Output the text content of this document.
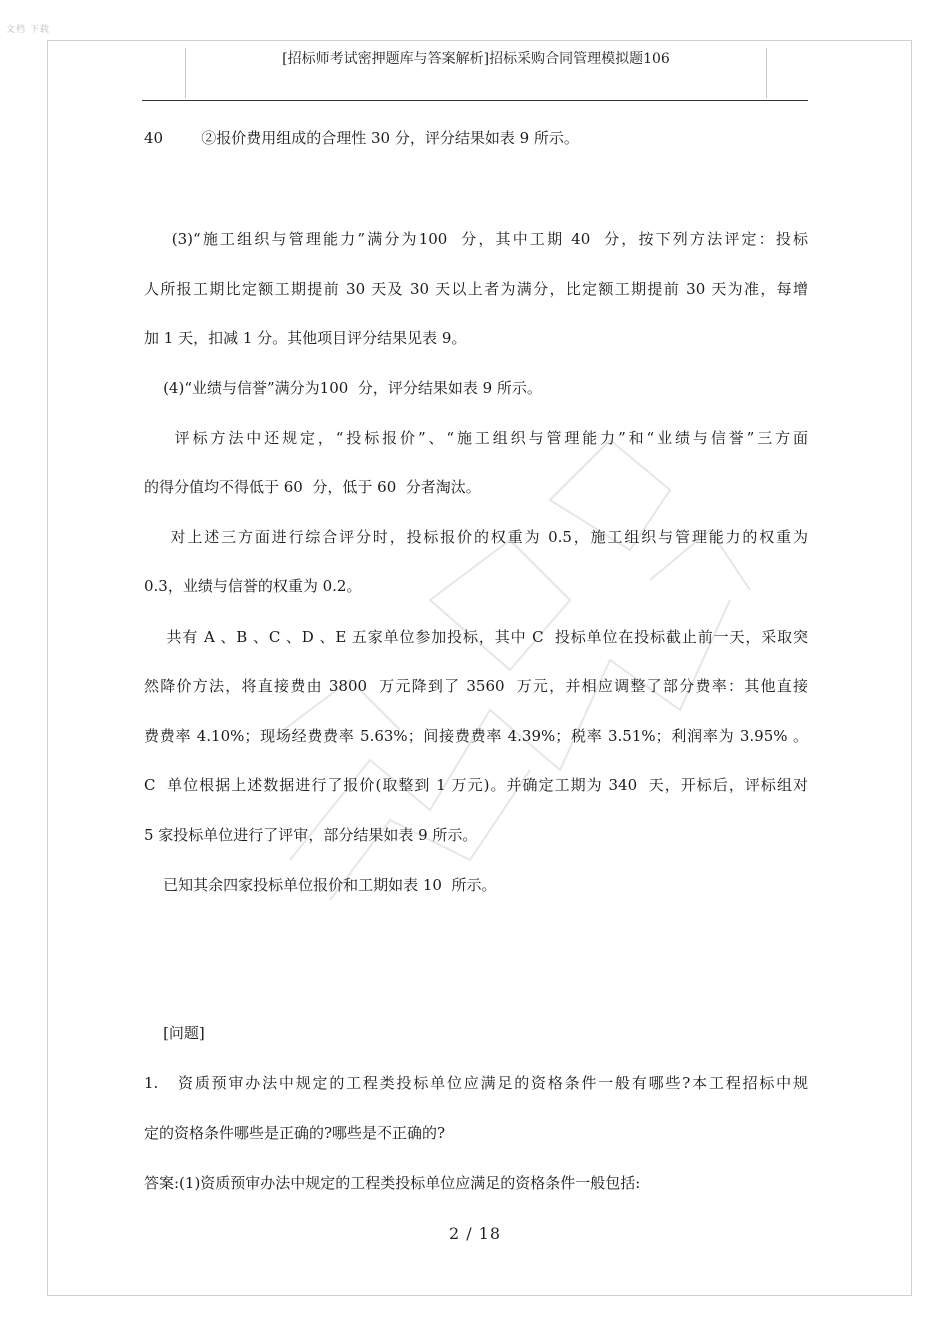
文档 下载
[招标师考试密押题库与答案解析]招标采购合同管理模拟题106
40        ②报价费用组成的合理性 30 分，评分结果如表 9 所示。
(3)“施工组织与管理能力”满分为100  分，其中工期 40  分，按下列方法评定：投标
人所报工期比定额工期提前 30 天及 30 天以上者为满分，比定额工期提前 30 天为准，每增
加 1 天，扣减 1 分。其他项目评分结果见表 9。
(4)“业绩与信誉”满分为100  分，评分结果如表 9 所示。
评标方法中还规定，“投标报价”、“施工组织与管理能力”和“业绩与信誉”三方面
的得分值均不得低于 60  分，低于 60  分者淘汰。
对上述三方面进行综合评分时，投标报价的权重为 0.5，施工组织与管理能力的权重为
0.3，业绩与信誉的权重为 0.2。
共有 A 、B 、C 、D 、E 五家单位参加投标，其中 C  投标单位在投标截止前一天，采取突
然降价方法，将直接费由 3800  万元降到了 3560  万元，并相应调整了部分费率：其他直接
费费率 4.10%；现场经费费率 5.63%；间接费费率 4.39%；税率 3.51%；利润率为 3.95% 。
C  单位根据上述数据进行了报价(取整到 1 万元)。并确定工期为 340  天，开标后，评标组对
5 家投标单位进行了评审，部分结果如表 9 所示。
已知其余四家投标单位报价和工期如表 10  所示。
[问题]
1.   资质预审办法中规定的工程类投标单位应满足的资格条件一般有哪些?本工程招标中规
定的资格条件哪些是正确的?哪些是不正确的?
答案:(1)资质预审办法中规定的工程类投标单位应满足的资格条件一般包括:
2 / 18
